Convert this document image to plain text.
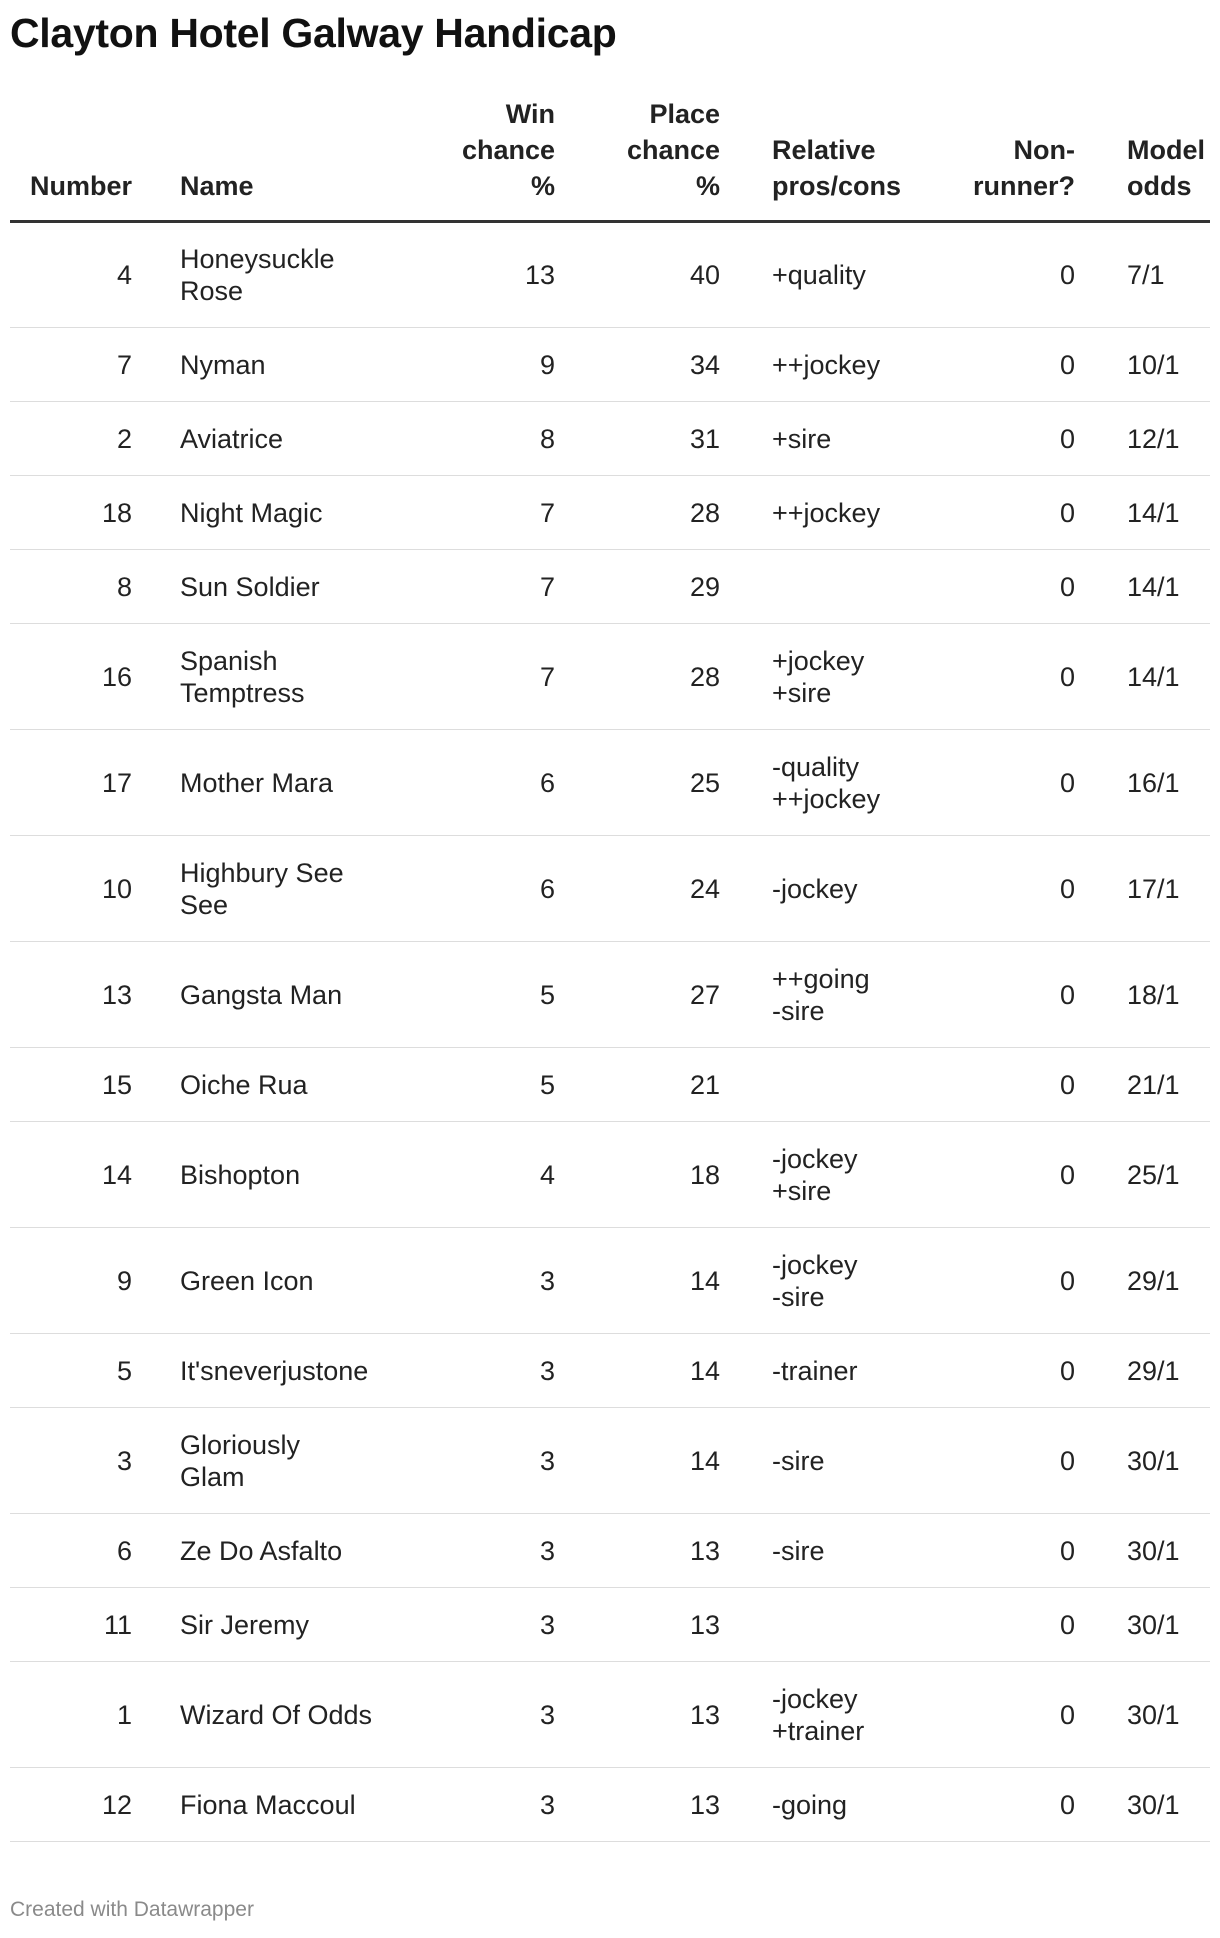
Clayton Hotel Galway Handicap
Number	Name	Win
chance
%	Place
chance
%	Relative
pros/cons	Non-
runner?	Model
odds
4	Honeysuckle
Rose	13	40	+quality	0	7/1
7	Nyman	9	34	++jockey	0	10/1
2	Aviatrice	8	31	+sire	0	12/1
18	Night Magic	7	28	++jockey	0	14/1
8	Sun Soldier	7	29		0	14/1
16	Spanish
Temptress	7	28	+jockey
+sire	0	14/1
17	Mother Mara	6	25	-quality
++jockey	0	16/1
10	Highbury See
See	6	24	-jockey	0	17/1
13	Gangsta Man	5	27	++going
-sire	0	18/1
15	Oiche Rua	5	21		0	21/1
14	Bishopton	4	18	-jockey
+sire	0	25/1
9	Green Icon	3	14	-jockey
-sire	0	29/1
5	It'sneverjustone	3	14	-trainer	0	29/1
3	Gloriously
Glam	3	14	-sire	0	30/1
6	Ze Do Asfalto	3	13	-sire	0	30/1
11	Sir Jeremy	3	13		0	30/1
1	Wizard Of Odds	3	13	-jockey
+trainer	0	30/1
12	Fiona Maccoul	3	13	-going	0	30/1
Created with Datawrapper
